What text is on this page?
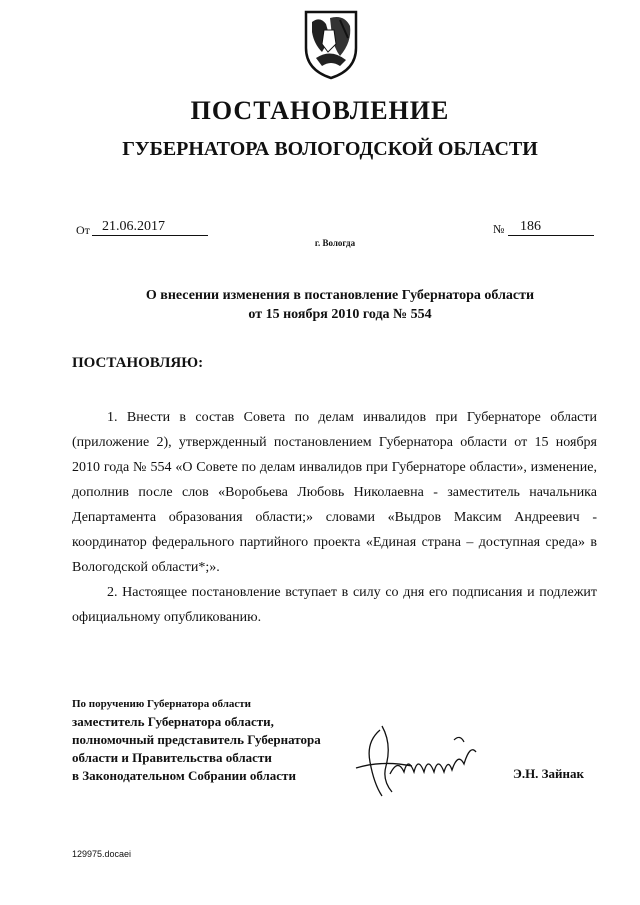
ПОСТАНОВЛЕНИЕ
ГУБЕРНАТОРА ВОЛОГОДСКОЙ ОБЛАСТИ
От 21.06.2017	№	186
г. Вологда
О внесении изменения в постановление Губернатора области
от 15 ноября 2010 года № 554
ПОСТАНОВЛЯЮ:

1. Внести в состав Совета по делам инвалидов при Губернаторе области (приложение 2), утвержденный постановлением Губернатора области от 15 ноября 2010 года № 554 «О Совете по делам инвалидов при Губернаторе области», изменение, дополнив после слов «Воробьева Любовь Николаевна - заместитель начальника Департамента образования области;» словами «Выдров Максим Андреевич - координатор федерального партийного проекта «Единая страна – доступная среда» в Вологодской области*;».

2. Настоящее постановление вступает в силу со дня его подписания и подлежит официальному опубликованию.

По поручению Губернатора области
заместитель Губернатора области,
полномочный представитель Губернатора
области и Правительства области
в Законодательном Собрании области	Э.Н. Зайнак
129975.docaei
